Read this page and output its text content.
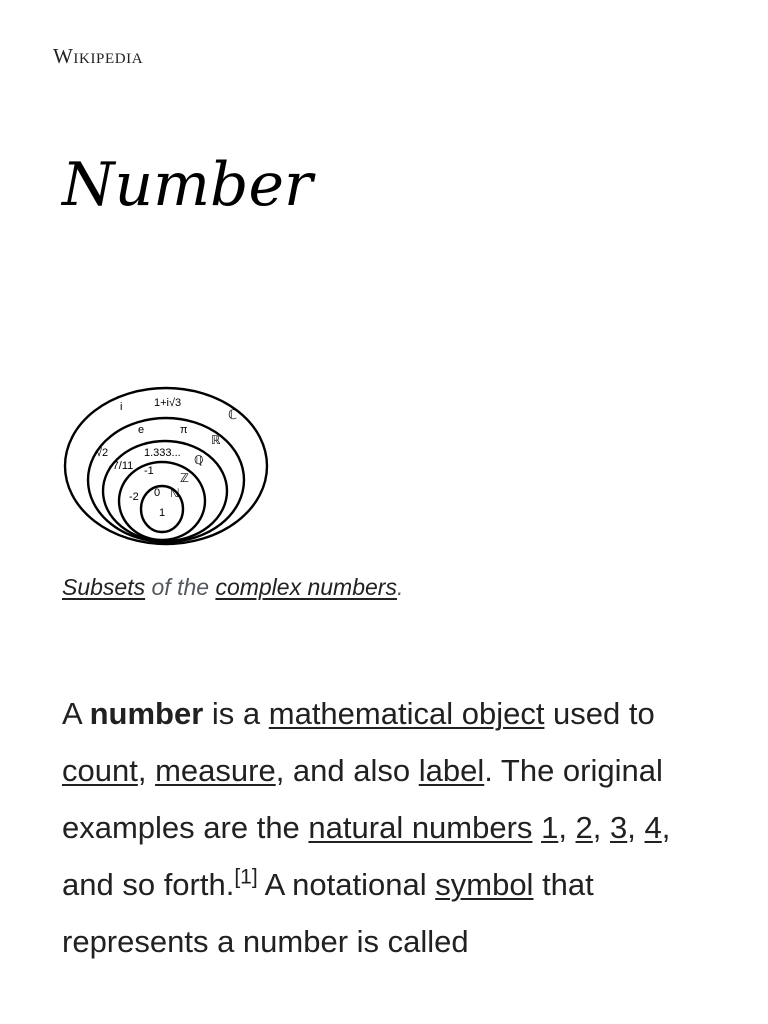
Wikipedia
Number
i	1+i√3
ℂ
e	π
ℝ
√2	1.333... ℚ
-7/11 -1 ℤ
-2 0 ℕ
1
Subsets of the complex numbers.

A number is a mathematical object used to count, measure, and also label. The original examples are the natural numbers 1, 2, 3, 4, and so forth.[1] A notational symbol that represents a number is called
